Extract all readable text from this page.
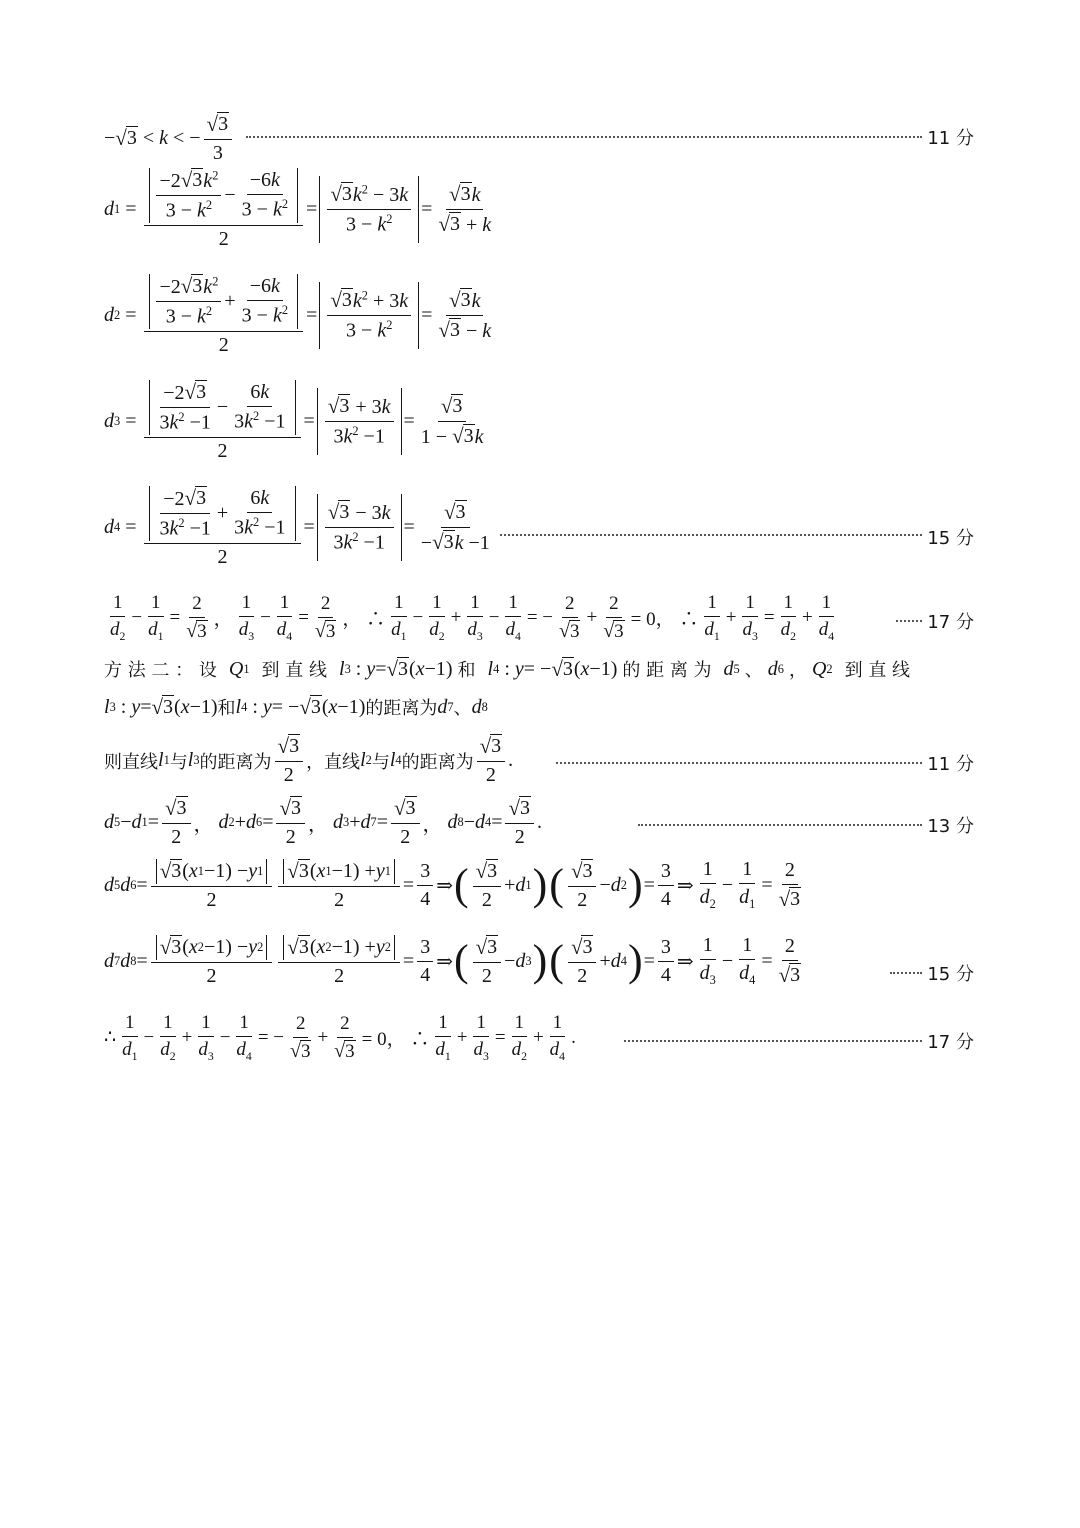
− √ 3 < k < − $\frac{√ 3}{3}$	11 分
d $1 = \frac{\frac{-2 √ 3 k^2}{3 - k^2} - \frac{-6k}{3 - k^2}}{2} = \frac{√ 3 k^2 - 3k}{3 - k^2} = \frac{√ 3 k}{√ 3 + k}$
d $2 = \frac{\frac{-2 √ 3 k^2}{3 - k^2} + \frac{-6k}{3 - k^2}}{2} = \frac{√ 3 k^2 + 3k}{3 - k^2} = \frac{√ 3 k}{√ 3 - k}$
d $3 = \frac{\frac{-2 √ 3}{3k^2 -1} - \frac{6k}{3k^2 -1}}{2} = \frac{√ 3 + 3k}{3k^2 -1} = \frac{√ 3}{1 - √ 3 k}$
d $4 = \frac{\frac{-2 √ 3}{3k^2 -1} + \frac{6k}{3k^2 -1}}{2} = \frac{√ 3 - 3k}{3k^2 -1} = \frac{√ 3}{- √ 3 k -1}$	15 分
$\frac{1}{d_2} - \frac{1}{d_1} = \frac{2}{√ 3}$ ， $\frac{1}{d_3} - \frac{1}{d_4} = \frac{2}{√ 3}$ ， ∴ $\frac{1}{d_1} - \frac{1}{d_2} + \frac{1}{d_3} - \frac{1}{d_4}$ = − $\frac{2}{√ 3} + \frac{2}{√ 3} = 0$， ∴ $\frac{1}{d_1} + \frac{1}{d_3} = \frac{1}{d_2} + \frac{1}{d_4}$	17 分
方 法 二 ： 设 Q 1 到 直 线 l 3 : y = √ 3 ( x −1) 和 l 4 : y = − √ 3 ( x −1) 的 距 离 为 d 5
、 d 6
， Q 2 到 直 线
l 3 : y = √ 3 ( x −1) 和 l 4 : y = − √ 3 ( x −1) 的距离为 d 7 、 d 8
则直线 l 1 与 l 3 的距离为 $\frac{√ 3}{2}$ ，直线 l 2 与 l 4 的距离为 $\frac{√ 3}{2}$ .	11 分
d 5 − d $1 = \frac{√ 3}{2}$ ， d 2 + d $6 = \frac{√ 3}{2}$ ， d 3 + d $7 = \frac{√ 3}{2}$ ， d 8 − d $4 = \frac{√ 3}{2}$ .	13 分
d 5 d $6 = \frac{√ 3 ( x 1 -1) - y 1}{2} \frac{√ 3 ( x 1 -1) + y 1}{2} = \frac{3}{4}$ ⇒ ( $\frac{√ 3}{2} + d$ 1 ) ( $\frac{√ 3}{2} - d$ 2 ) = $\frac{3}{4}$ ⇒ $\frac{1}{d_2} - \frac{1}{d_1} = \frac{2}{√ 3}$
d 7 d $8 = \frac{√ 3 ( x 2 -1) - y 2}{2} \frac{√ 3 ( x 2 -1) + y 2}{2} = \frac{3}{4}$ ⇒ ( $\frac{√ 3}{2} - d$ 3 ) ( $\frac{√ 3}{2} + d$ 4 ) = $\frac{3}{4}$ ⇒ $\frac{1}{d_3} - \frac{1}{d_4} = \frac{2}{√ 3}$	15 分
∴ $\frac{1}{d_1} - \frac{1}{d_2} + \frac{1}{d_3} - \frac{1}{d_4}$ = − $\frac{2}{√ 3} + \frac{2}{√ 3} = 0$， ∴ $\frac{1}{d_1} + \frac{1}{d_3} = \frac{1}{d_2} + \frac{1}{d_4}$ .	17 分
